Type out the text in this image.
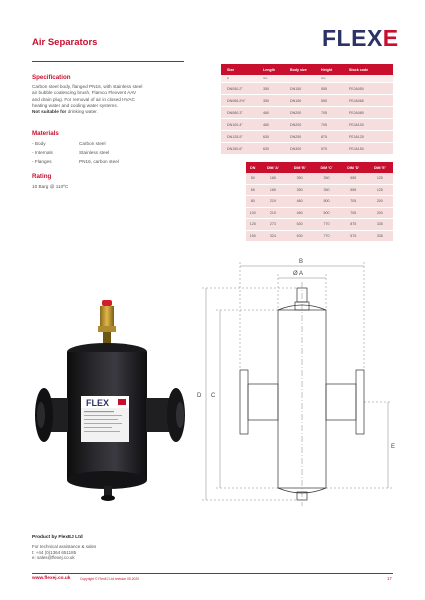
Air Separators	FLEXE
Specification
Carbon steel body, flanged PN16, with stainless steel
air bubble coalescing brush, Flamco Flexvent AAV
and drain plug. For removal of air in closed HVAC
heating water and cooling water systems.
Not suitable for drinking water.
Materials
- Body	Carbon steel
- Internals	Stainless steel
- Flanges	PN16, carbon steel
Rating
10 Barg @ 110ºC
Size	Length	Body size	Height	Stock code
in	mm		mm	
DN050-2"	350	DN150	555	FEJA050
DN065-2½"	350	DN150	555	FEJA065
DN080-3"	460	DN200	705	FEJA080
DN100-4"	460	DN200	705	FEJA100
DN125-5"	630	DN250	875	FEJA125
DN150-6"	630	DN300	575	FEJA150
DN	DIM 'A'	DIM 'B'	DIM 'C'	DIM 'D'	DIM 'E'
50	165	350	350	555	125
65	165	350	350	555	125
80	219	460	500	705	200
100	219	460	500	705	200
125	273	630	770	875	335
150	324	630	770	575	335
FLEX
B
Ø A
D C
E
Product by FlexEJ Ltd
For technical assistance & sales
t: +44 (0)1364 651185
e: sales@flexej.co.uk
www.flexej.co.uk	Copyright © FlexEJ Ltd revision 05.2020	17
